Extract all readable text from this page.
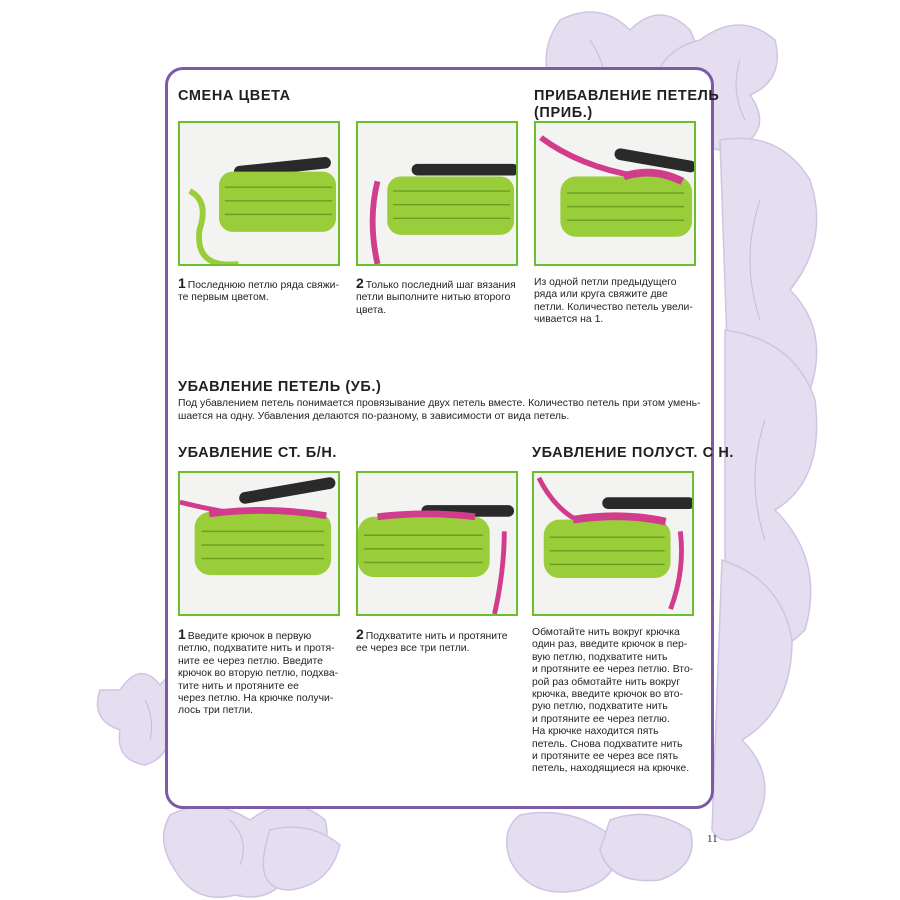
СМЕНА ЦВЕТА
1 Последнюю петлю ряда свяжи-
те первым цветом.
2 Только последний шаг вязания
петли выполните нитью второго
цвета.
ПРИБАВЛЕНИЕ ПЕТЕЛЬ
(ПРИБ.)
Из одной петли предыдущего
ряда или круга свяжите две
петли. Количество петель увели-
чивается на 1.
УБАВЛЕНИЕ ПЕТЕЛЬ (УБ.)
Под убавлением петель понимается провязывание двух петель вместе. Количество петель при этом умень-
шается на одну. Убавления делаются по-разному, в зависимости от вида петель.
УБАВЛЕНИЕ СТ. Б/Н.
1 Введите крючок в первую
петлю, подхватите нить и протя-
ните ее через петлю. Введите
крючок во вторую петлю, подхва-
тите нить и протяните ее
через петлю. На крючке получи-
лось три петли.
2 Подхватите нить и протяните
ее через все три петли.
УБАВЛЕНИЕ ПОЛУСТ. С Н.
Обмотайте нить вокруг крючка
один раз, введите крючок в пер-
вую петлю, подхватите нить
и протяните ее через петлю. Вто-
рой раз обмотайте нить вокруг
крючка, введите крючок во вто-
рую петлю, подхватите нить
и протяните ее через петлю.
На крючке находится пять
петель. Снова подхватите нить
и протяните ее через все пять
петель, находящиеся на крючке.
11
